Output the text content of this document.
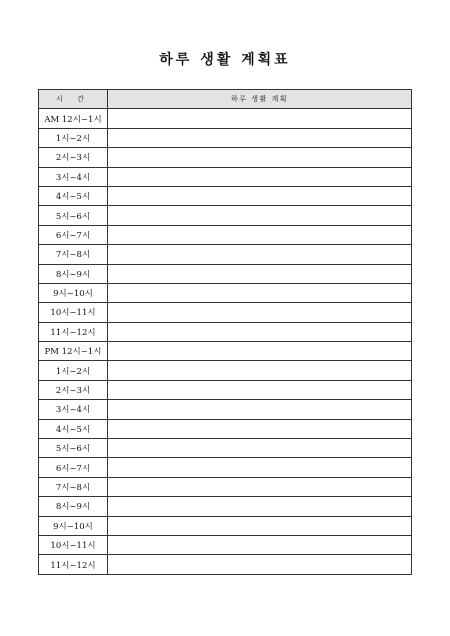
하루 생활 계획표
시 간	하루 생활 계획
AM 12시~1시	
1시~2시	
2시~3시	
3시~4시	
4시~5시	
5시~6시	
6시~7시	
7시~8시	
8시~9시	
9시~10시	
10시~11시	
11시~12시	
PM 12시~1시	
1시~2시	
2시~3시	
3시~4시	
4시~5시	
5시~6시	
6시~7시	
7시~8시	
8시~9시	
9시~10시	
10시~11시	
11시~12시	
